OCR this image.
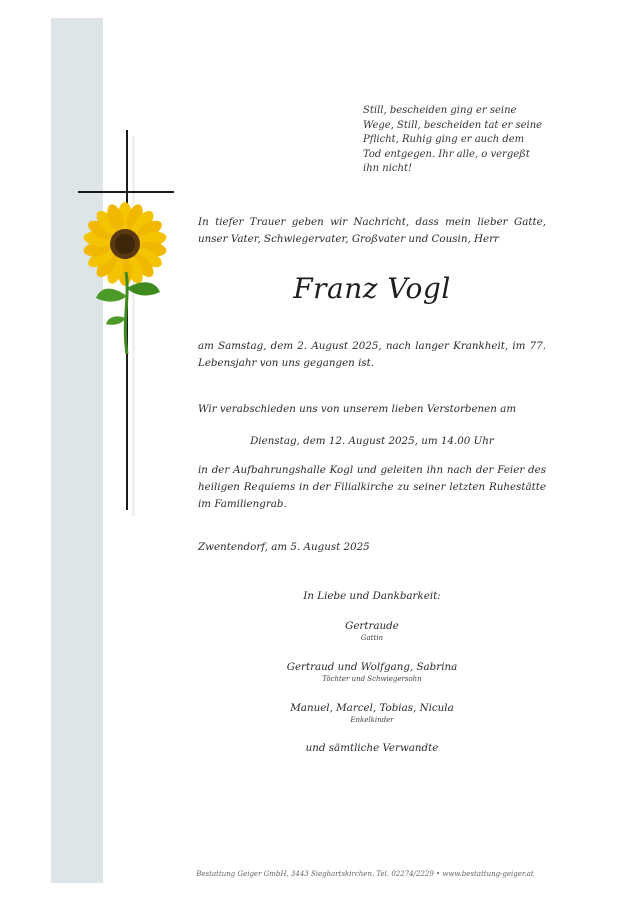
Still, bescheiden ging er seine
Wege, Still, bescheiden tat er seine
Pflicht, Ruhig ging er auch dem
Tod entgegen. Ihr alle, o vergeßt
ihn nicht!
In tiefer Trauer geben wir Nachricht, dass mein lieber Gatte, unser Vater, Schwiegervater, Großvater und Cousin, Herr
Franz Vogl
am Samstag, dem 2. August 2025, nach langer Krankheit, im 77. Lebensjahr von uns gegangen ist.
Wir verabschieden uns von unserem lieben Verstorbenen am
Dienstag, dem 12. August 2025, um 14.00 Uhr
in der Aufbahrungshalle Kogl und geleiten ihn nach der Feier des heiligen Requiems in der Filialkirche zu seiner letzten Ruhestätte im Familiengrab.
Zwentendorf, am 5. August 2025
In Liebe und Dankbarkeit:
Gertraude
Gattin
Gertraud und Wolfgang, Sabrina
Töchter und Schwiegersohn
Manuel, Marcel, Tobias, Nicula
Enkelkinder
und sämtliche Verwandte
Bestattung Geiger GmbH, 3443 Sieghartskirchen, Tel. 02274/2229 • www.bestattung-geiger.at
